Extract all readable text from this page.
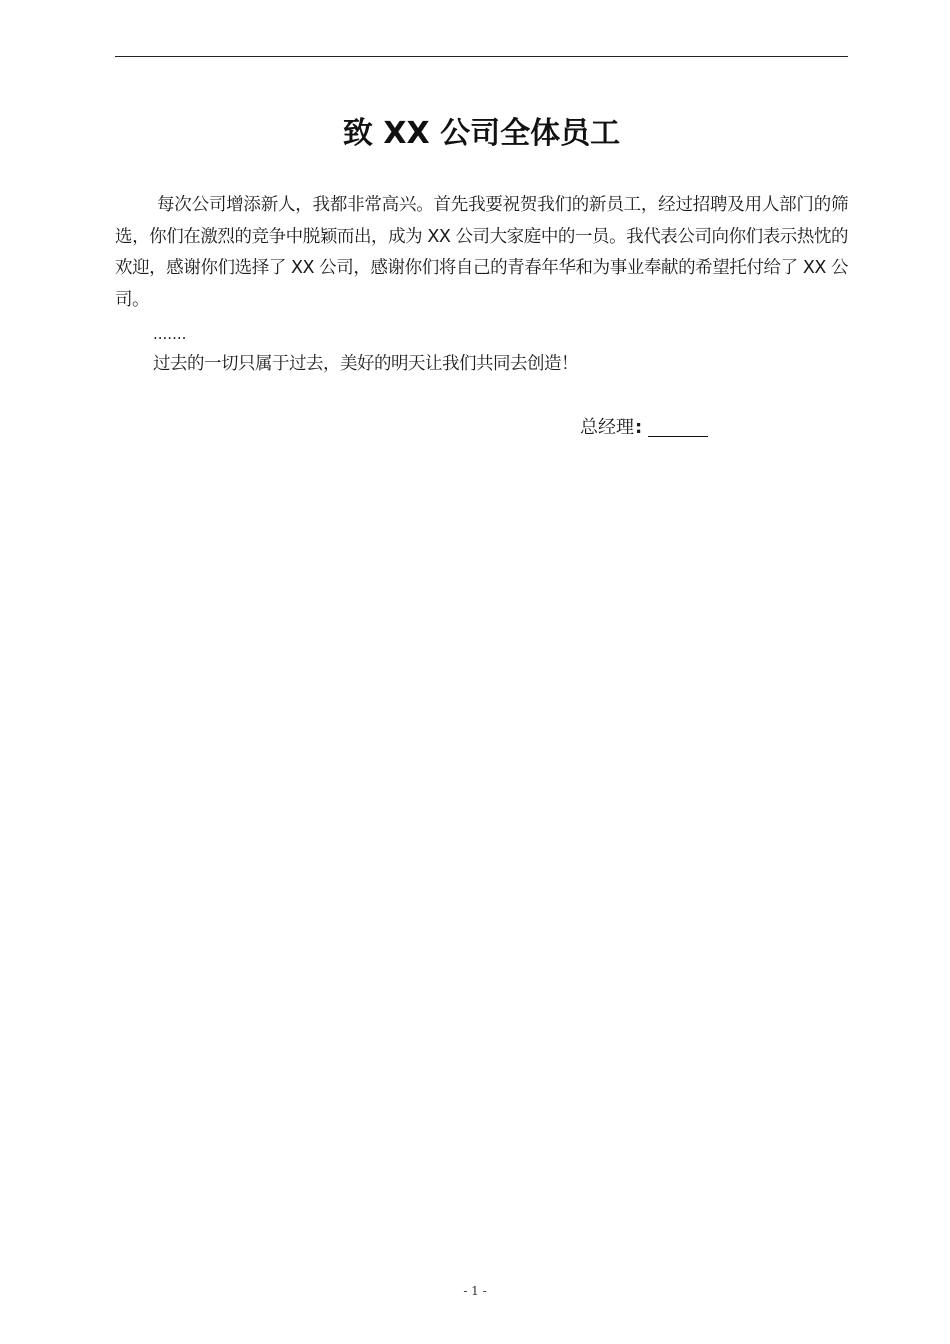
致 XX 公司全体员工

每次公司增添新人，我都非常高兴。首先我要祝贺我们的新员工，经过招聘及用人部门的筛选，你们在激烈的竞争中脱颖而出，成为 XX 公司大家庭中的一员。我代表公司向你们表示热忱的欢迎，感谢你们选择了 XX 公司，感谢你们将自己的青春年华和为事业奉献的希望托付给了 XX 公司。

.......
过去的一切只属于过去，美好的明天让我们共同去创造！
总经理 :
- 1 -
